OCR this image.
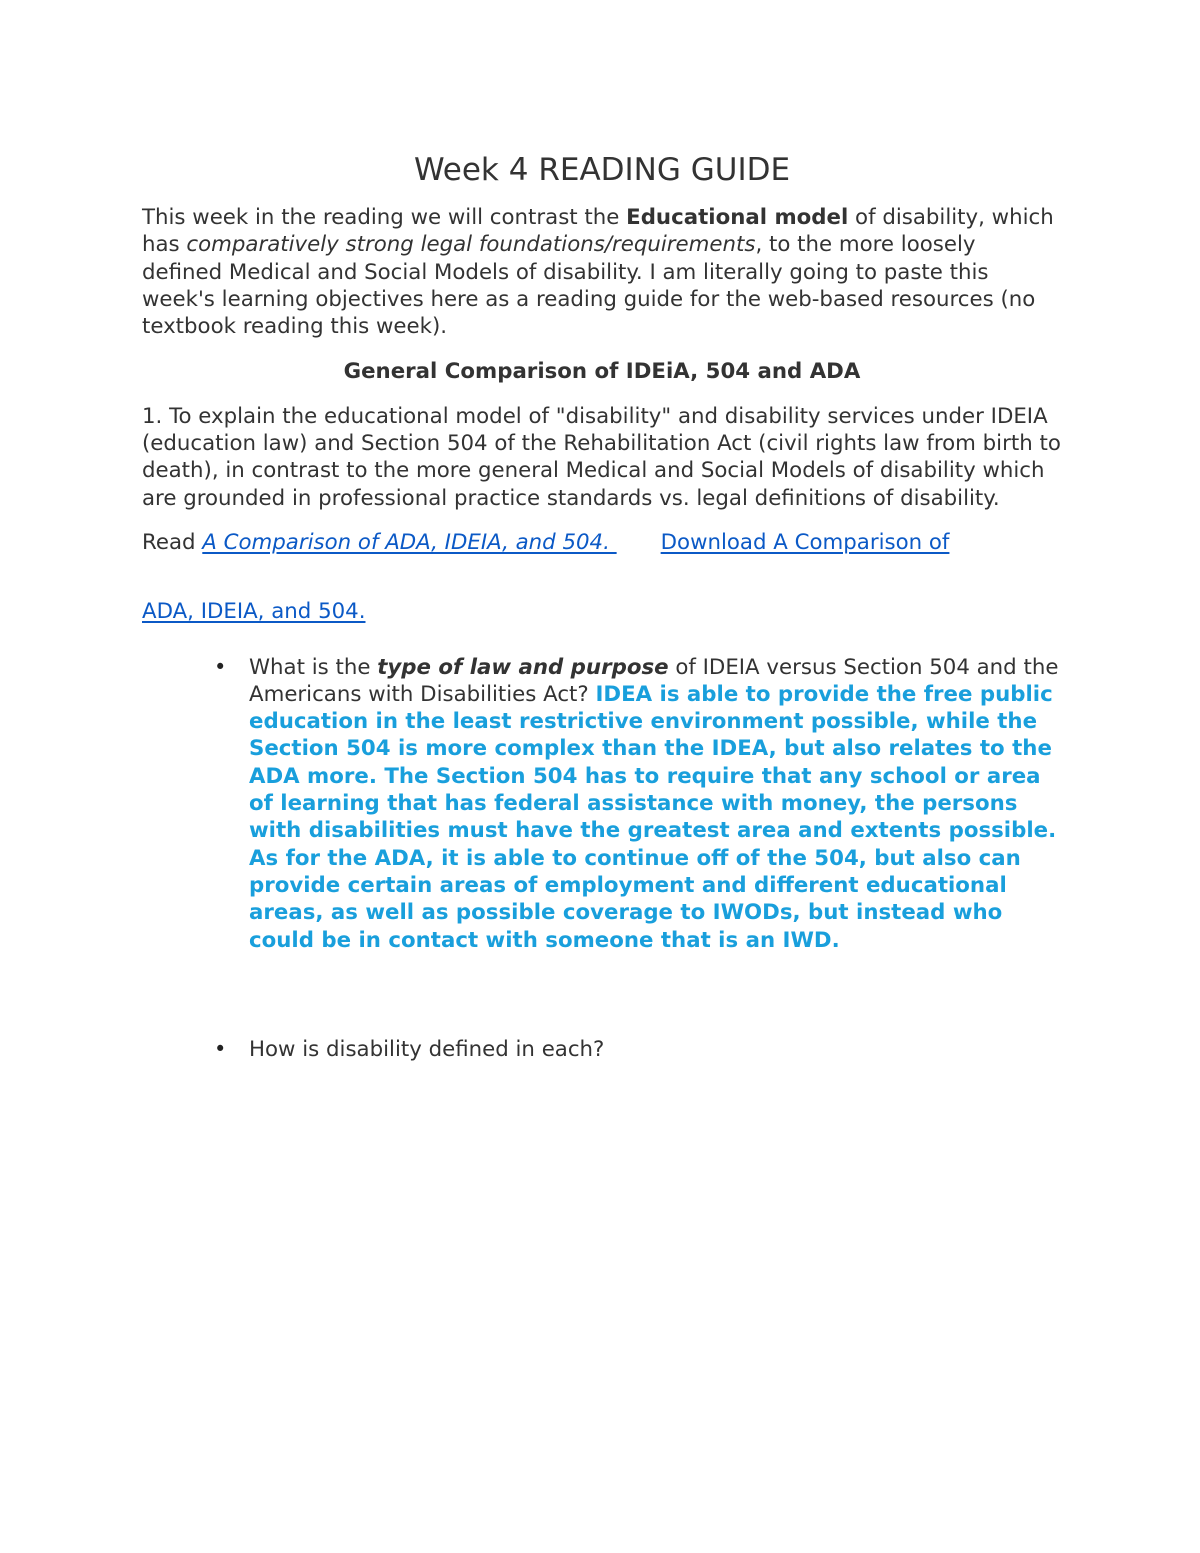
Week 4 READING GUIDE

This week in the reading we will contrast the Educational model of disability, which has comparatively strong legal foundations/requirements, to the more loosely defined Medical and Social Models of disability. I am literally going to paste this week's learning objectives here as a reading guide for the web-based resources (no textbook reading this week).

General Comparison of IDEiA, 504 and ADA

1. To explain the educational model of "disability" and disability services under IDEIA (education law) and Section 504 of the Rehabilitation Act (civil rights law from birth to death), in contrast to the more general Medical and Social Models of disability which are grounded in professional practice standards vs. legal definitions of disability.

Read A Comparison of ADA, IDEIA, and 504. Download A Comparison of

ADA, IDEIA, and 504.

• What is the type of law and purpose of IDEIA versus Section 504 and the Americans with Disabilities Act? IDEA is able to provide the free public education in the least restrictive environment possible, while the Section 504 is more complex than the IDEA, but also relates to the ADA more. The Section 504 has to require that any school or area of learning that has federal assistance with money, the persons with disabilities must have the greatest area and extents possible. As for the ADA, it is able to continue off of the 504, but also can provide certain areas of employment and different educational areas, as well as possible coverage to IWODs, but instead who could be in contact with someone that is an IWD.
• How is disability defined in each?
